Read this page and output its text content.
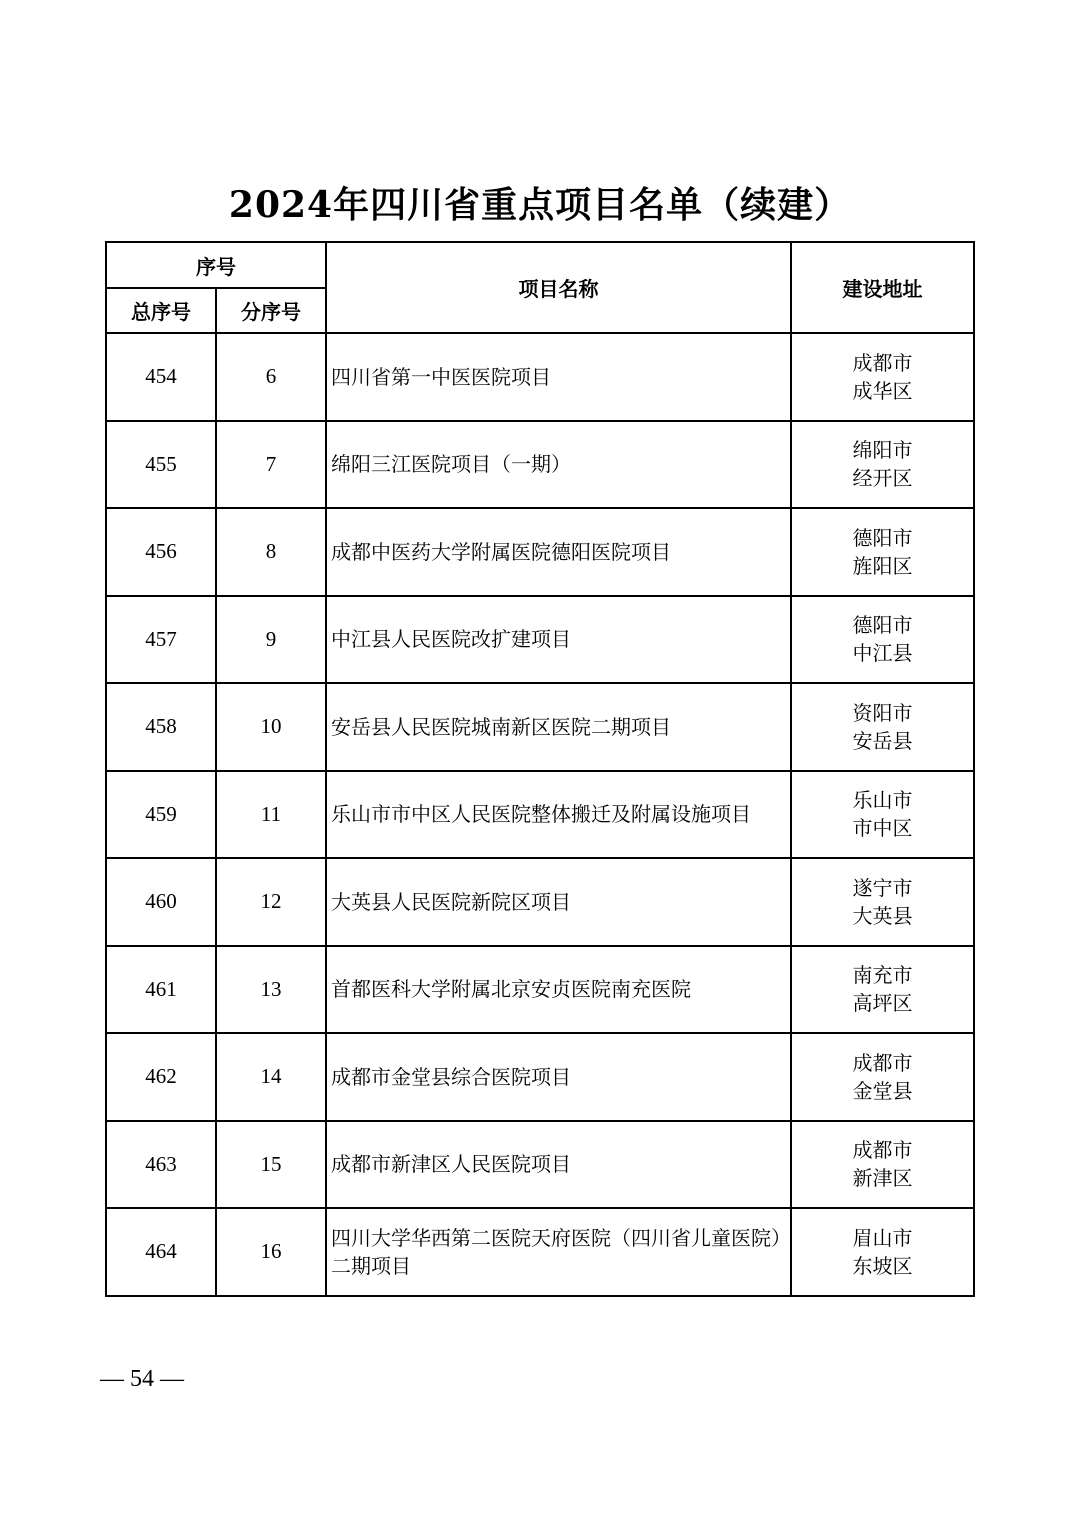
2024年四川省重点项目名单（续建）
序号		项目名称	建设地址
总序号	分序号		
454	6	四川省第一中医医院项目	成都市
成华区

455	7	绵阳三江医院项目（一期）	绵阳市
经开区

456	8	成都中医药大学附属医院德阳医院项目	德阳市
旌阳区

457	9	中江县人民医院改扩建项目	德阳市
中江县

458	10	安岳县人民医院城南新区医院二期项目	资阳市
安岳县

459	11	乐山市市中区人民医院整体搬迁及附属设施项目	乐山市
市中区

460	12	大英县人民医院新院区项目	遂宁市
大英县

461	13	首都医科大学附属北京安贞医院南充医院	南充市
高坪区

462	14	成都市金堂县综合医院项目	成都市
金堂县

463	15	成都市新津区人民医院项目	成都市
新津区

464	16	四川大学华西第二医院天府医院（四川省儿童医院）二期项目	眉山市
东坡区
— 54 —
